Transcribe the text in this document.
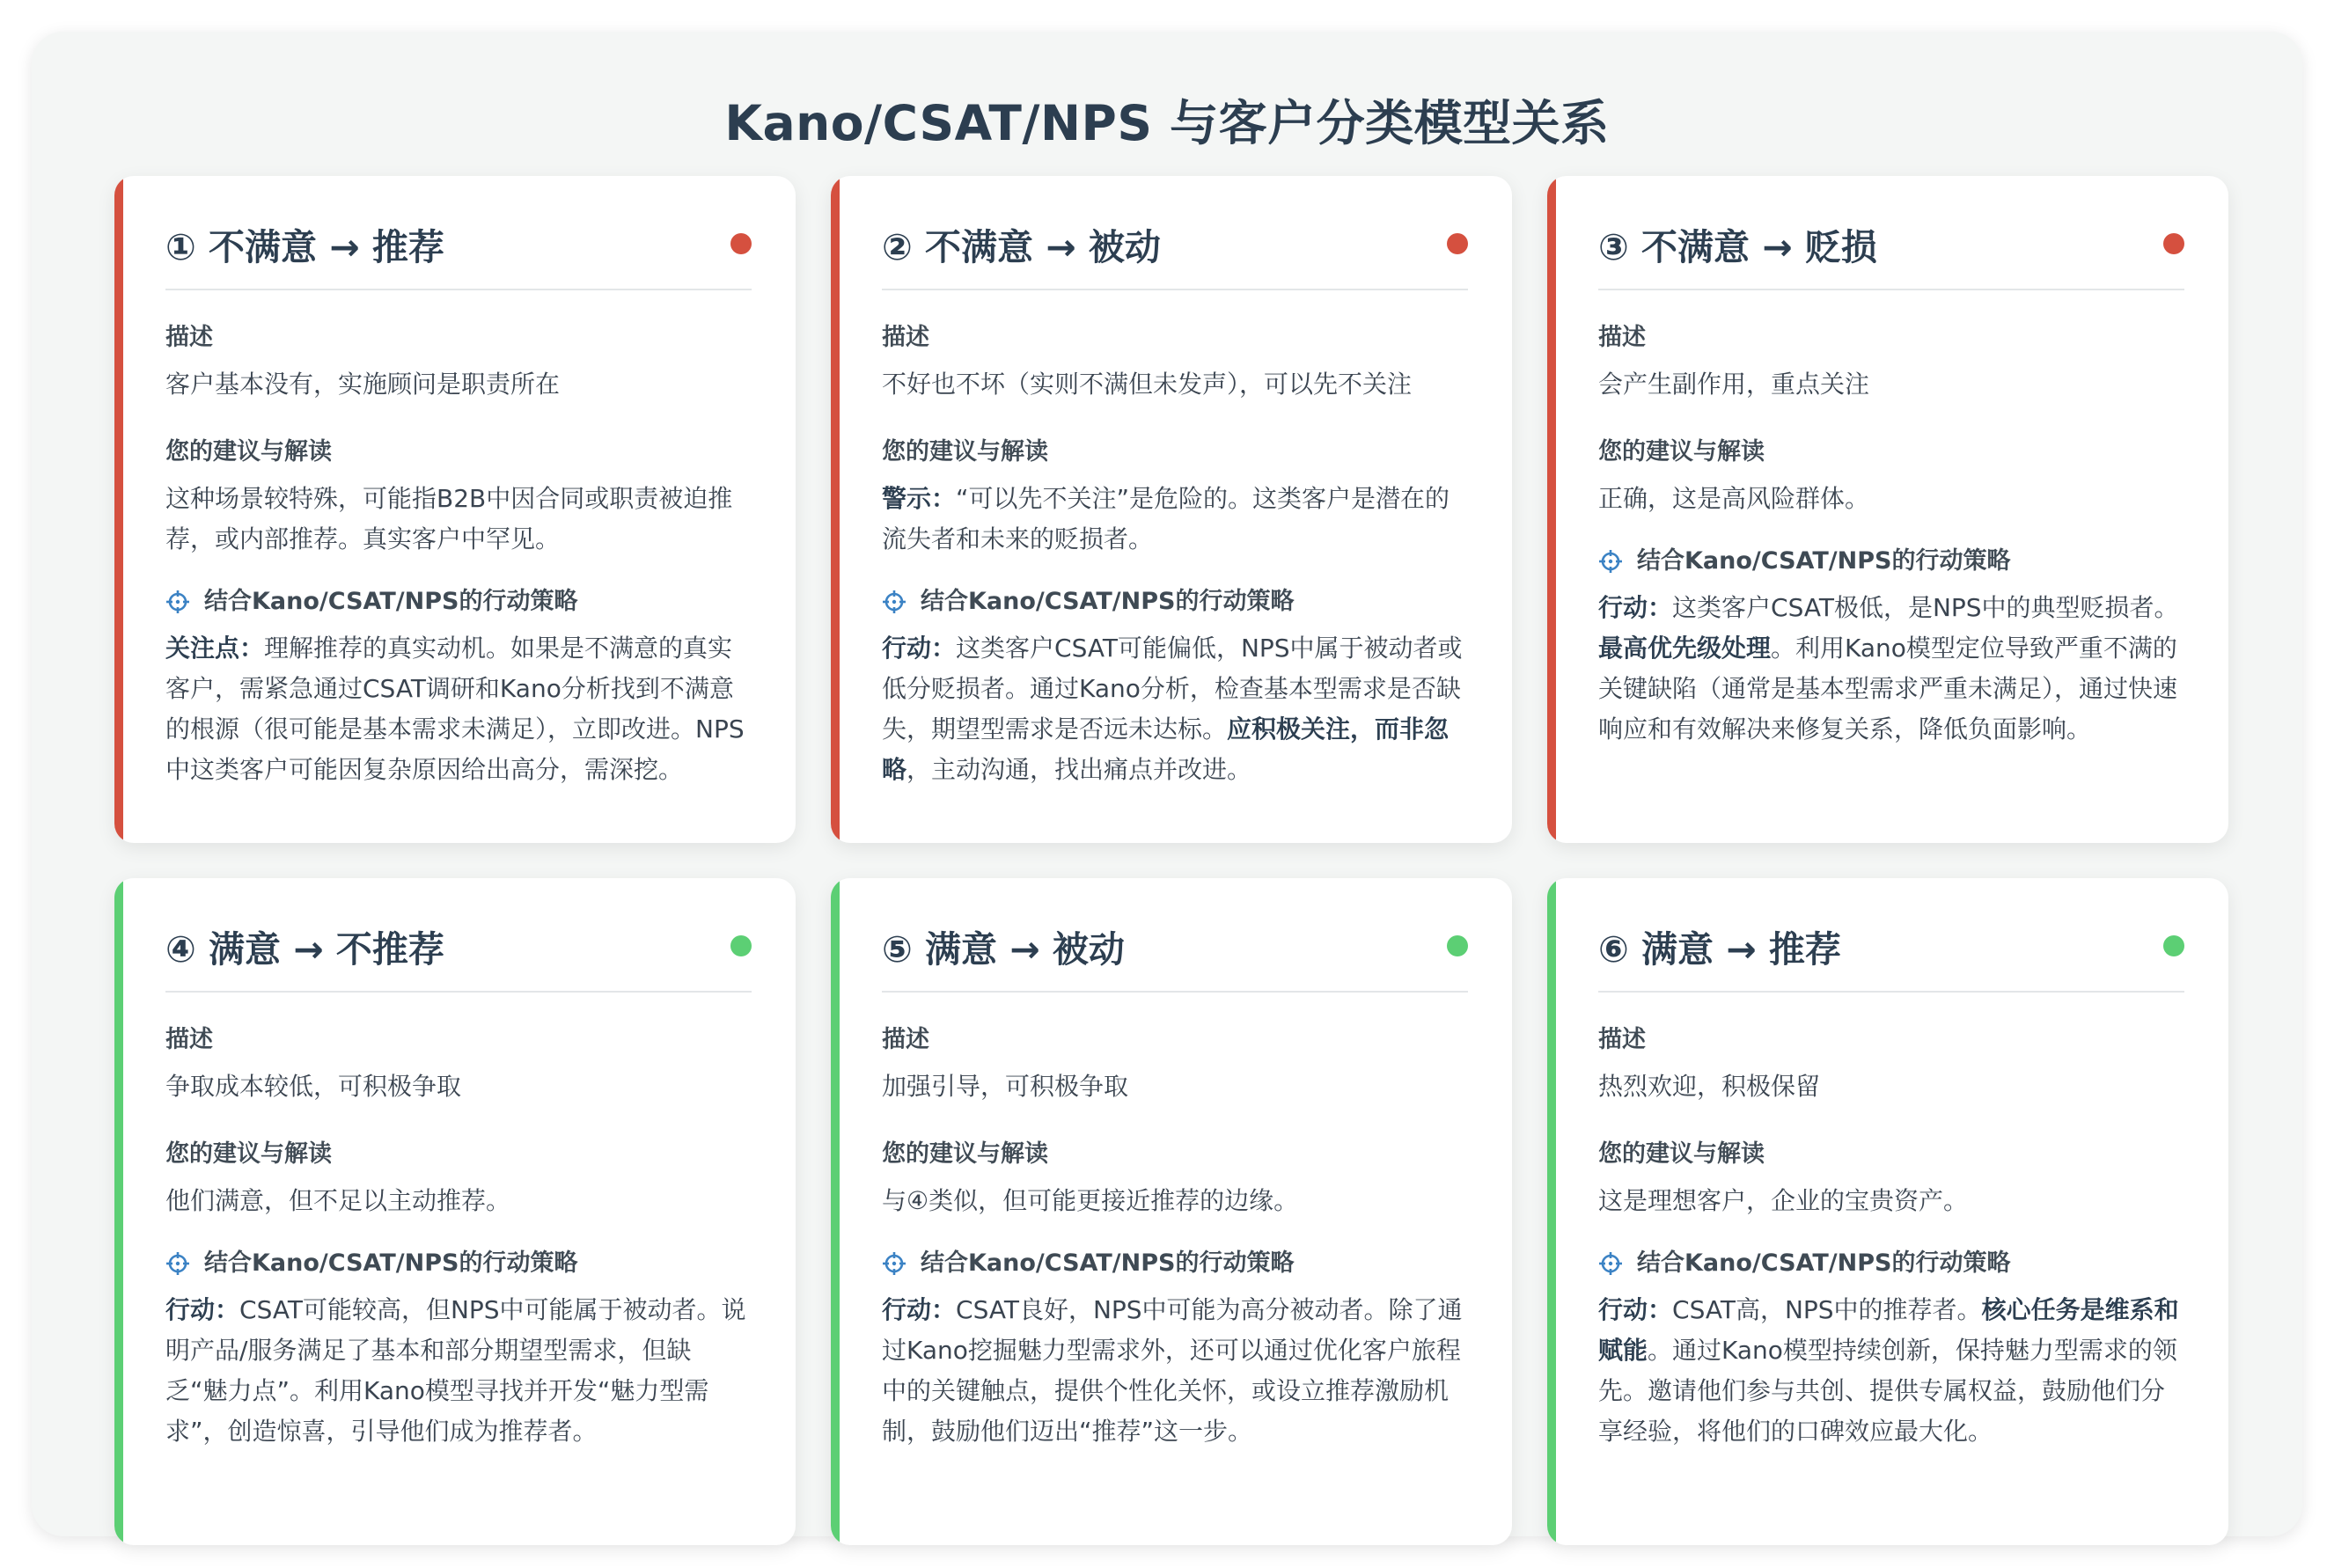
Kano/CSAT/NPS 与客户分类模型关系
① 不满意 → 推荐
描述
客户基本没有，实施顾问是职责所在
您的建议与解读
这种场景较特殊，可能指B2B中因合同或职责被迫推荐，或内部推荐。真实客户中罕见。
结合Kano/CSAT/NPS的行动策略
关注点：理解推荐的真实动机。如果是不满意的真实客户，需紧急通过CSAT调研和Kano分析找到不满意的根源（很可能是基本需求未满足），立即改进。NPS中这类客户可能因复杂原因给出高分，需深挖。
② 不满意 → 被动
描述
不好也不坏（实则不满但未发声），可以先不关注
您的建议与解读
警示：“可以先不关注”是危险的。这类客户是潜在的流失者和未来的贬损者。
结合Kano/CSAT/NPS的行动策略
行动：这类客户CSAT可能偏低，NPS中属于被动者或低分贬损者。通过Kano分析，检查基本型需求是否缺失，期望型需求是否远未达标。应积极关注，而非忽略，主动沟通，找出痛点并改进。
③ 不满意 → 贬损
描述
会产生副作用，重点关注
您的建议与解读
正确，这是高风险群体。
结合Kano/CSAT/NPS的行动策略
行动：这类客户CSAT极低，是NPS中的典型贬损者。最高优先级处理。利用Kano模型定位导致严重不满的关键缺陷（通常是基本型需求严重未满足），通过快速响应和有效解决来修复关系，降低负面影响。
④ 满意 → 不推荐
描述
争取成本较低，可积极争取
您的建议与解读
他们满意，但不足以主动推荐。
结合Kano/CSAT/NPS的行动策略
行动：CSAT可能较高，但NPS中可能属于被动者。说明产品/服务满足了基本和部分期望型需求，但缺乏“魅力点”。利用Kano模型寻找并开发“魅力型需求”，创造惊喜，引导他们成为推荐者。
⑤ 满意 → 被动
描述
加强引导，可积极争取
您的建议与解读
与④类似，但可能更接近推荐的边缘。
结合Kano/CSAT/NPS的行动策略
行动：CSAT良好，NPS中可能为高分被动者。除了通过Kano挖掘魅力型需求外，还可以通过优化客户旅程中的关键触点，提供个性化关怀，或设立推荐激励机制，鼓励他们迈出“推荐”这一步。
⑥ 满意 → 推荐
描述
热烈欢迎，积极保留
您的建议与解读
这是理想客户，企业的宝贵资产。
结合Kano/CSAT/NPS的行动策略
行动：CSAT高，NPS中的推荐者。核心任务是维系和赋能。通过Kano模型持续创新，保持魅力型需求的领先。邀请他们参与共创、提供专属权益，鼓励他们分享经验，将他们的口碑效应最大化。
